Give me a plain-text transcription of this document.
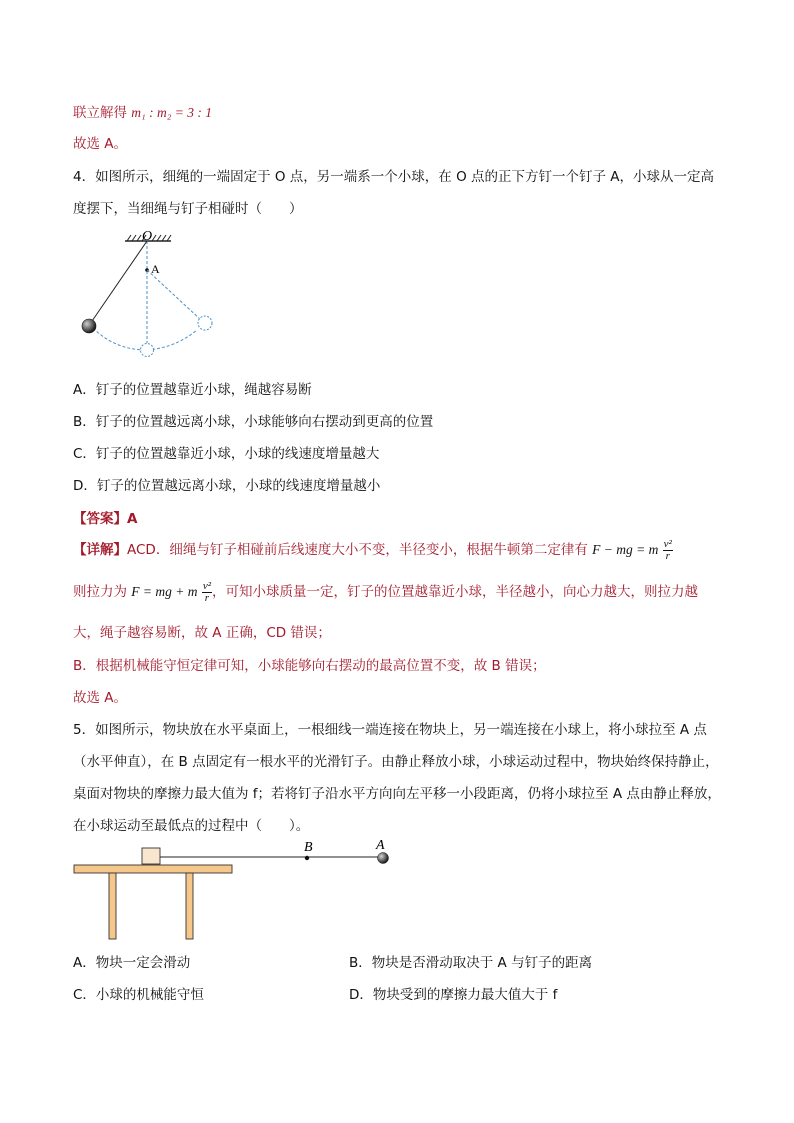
联立解得 m₁ : m₂ = 3 : 1
故选 A。
4．如图所示，细绳的一端固定于 O 点，另一端系一个小球，在 O 点的正下方钉一个钉子 A，小球从一定高
度摆下，当细绳与钉子相碰时（　　）
O
A
A．钉子的位置越靠近小球，绳越容易断
B．钉子的位置越远离小球，小球能够向右摆动到更高的位置
C．钉子的位置越靠近小球，小球的线速度增量越大
D．钉子的位置越远离小球，小球的线速度增量越小
【答案】A
【详解】ACD．细绳与钉子相碰前后线速度大小不变，半径变小，根据牛顿第二定律有 F − mg = m $\frac{\text{v²}}{r}$
则拉力为 F = mg + m $\frac{\text{v²}}{r}$ ，可知小球质量一定，钉子的位置越靠近小球，半径越小，向心力越大，则拉力越
大，绳子越容易断，故 A 正确，CD 错误；
B．根据机械能守恒定律可知，小球能够向右摆动的最高位置不变，故 B 错误；
故选 A。
5．如图所示，物块放在水平桌面上，一根细线一端连接在物块上，另一端连接在小球上，将小球拉至 A 点
（水平伸直），在 B 点固定有一根水平的光滑钉子。由静止释放小球，小球运动过程中，物块始终保持静止，
桌面对物块的摩擦力最大值为 f；若将钉子沿水平方向向左平移一小段距离，仍将小球拉至 A 点由静止释放，
在小球运动至最低点的过程中（　　）。
B	A
A．物块一定会滑动	B．物块是否滑动取决于 A 与钉子的距离
C．小球的机械能守恒	D．物块受到的摩擦力最大值大于 f
